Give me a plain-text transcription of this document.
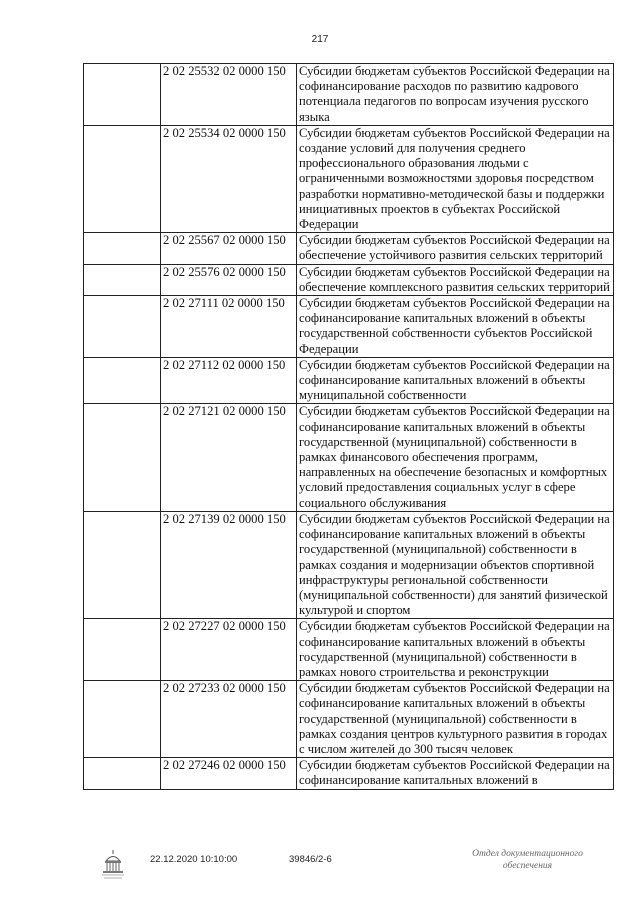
217
	2 02 25532 02 0000 150	Субсидии бюджетам субъектов Российской Федерации на софинансирование расходов по развитию кадрового потенциала педагогов по вопросам изучения русского языка
	2 02 25534 02 0000 150	Субсидии бюджетам субъектов Российской Федерации на создание условий для получения среднего профессионального образования людьми с ограниченными возможностями здоровья посредством разработки нормативно-методической базы и поддержки инициативных проектов в субъектах Российской Федерации
	2 02 25567 02 0000 150	Субсидии бюджетам субъектов Российской Федерации на обеспечение устойчивого развития сельских территорий
	2 02 25576 02 0000 150	Субсидии бюджетам субъектов Российской Федерации на обеспечение комплексного развития сельских территорий
	2 02 27111 02 0000 150	Субсидии бюджетам субъектов Российской Федерации на софинансирование капитальных вложений в объекты государственной собственности субъектов Российской Федерации
	2 02 27112 02 0000 150	Субсидии бюджетам субъектов Российской Федерации на софинансирование капитальных вложений в объекты муниципальной собственности
	2 02 27121 02 0000 150	Субсидии бюджетам субъектов Российской Федерации на софинансирование капитальных вложений в объекты государственной (муниципальной) собственности в рамках финансового обеспечения программ, направленных на обеспечение безопасных и комфортных условий предоставления социальных услуг в сфере социального обслуживания
	2 02 27139 02 0000 150	Субсидии бюджетам субъектов Российской Федерации на софинансирование капитальных вложений в объекты государственной (муниципальной) собственности в рамках создания и модернизации объектов спортивной инфраструктуры региональной собственности (муниципальной собственности) для занятий физической культурой и спортом
	2 02 27227 02 0000 150	Субсидии бюджетам субъектов Российской Федерации на софинансирование капитальных вложений в объекты государственной (муниципальной) собственности в рамках нового строительства и реконструкции
	2 02 27233 02 0000 150	Субсидии бюджетам субъектов Российской Федерации на софинансирование капитальных вложений в объекты государственной (муниципальной) собственности в рамках создания центров культурного развития в городах с числом жителей до 300 тысяч человек
	2 02 27246 02 0000 150	Субсидии бюджетам субъектов Российской Федерации на софинансирование капитальных вложений в
22.12.2020 10:10:00	39846/2-6	Отдел документационного
обеспечения
